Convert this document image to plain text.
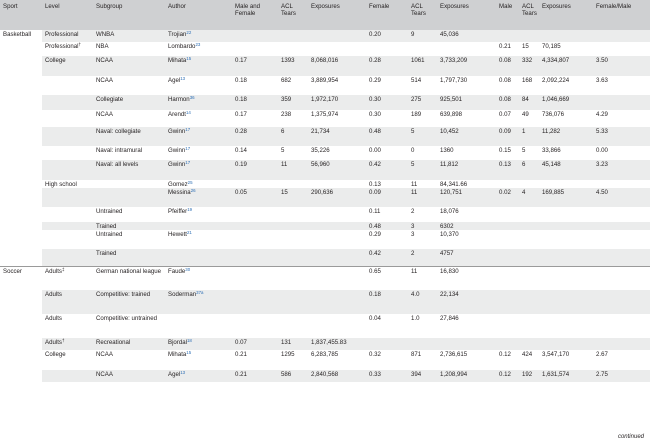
Sport	Level	Subgroup	Author	Male and Female	ACL Tears	Exposures	Female	ACL Tears	Exposures	Male	ACL Tears	Exposures	Female/Male
Basketball	Professional	WNBA	Trojian$^{22}$				0.20	9	45,036				
	Professional†	NBA	Lombardo$^{23}$							0.21	15	70,185	
	College	NCAA	Mihata$^{15}$	0.17	1393	8,068,016	0.28	1061	3,733,209	0.08	332	4,334,807	3.50
		NCAA	Agel$^{13}$	0.18	682	3,889,954	0.29	514	1,797,730	0.08	168	2,092,224	3.63
		Collegiate	Harmon$^{36}$	0.18	359	1,972,170	0.30	275	925,501	0.08	84	1,046,669	
		NCAA	Arendt$^{14}$	0.17	238	1,375,974	0.30	189	639,898	0.07	49	736,076	4.29
		Naval: collegiate	Gwinn$^{17}$	0.28	6	21,734	0.48	5	10,452	0.09	1	11,282	5.33
		Naval: intramural	Gwinn$^{17}$	0.14	5	35,226	0.00	0	1360	0.15	5	33,866	0.00
		Naval: all levels	Gwinn$^{17}$	0.19	11	56,960	0.42	5	11,812	0.13	6	45,148	3.23
	High school		Gomez$^{25}$				0.13	11	84,341.66				
			Messina$^{26}$	0.05	15	290,636	0.09	11	120,751	0.02	4	169,885	4.50
		Untrained	Pfeiffer$^{19}$				0.11	2	18,076				
		Trained					0.48	3	6302				
		Untrained	Hewett$^{21}$				0.29	3	10,370				
		Trained					0.42	2	4757				
Soccer	Adults‡	German national league	Faude$^{30}$				0.65	11	16,830				
	Adults	Competitive: trained	Soderman$^{37a}$				0.18	4.0	22,134				
	Adults	Competitive: untrained					0.04	1.0	27,846				
	Adults†	Recreational	Bjordal$^{18}$	0.07	131	1,837,455.83							
	College	NCAA	Mihata$^{15}$	0.21	1295	6,283,785	0.32	871	2,736,615	0.12	424	3,547,170	2.67
		NCAA	Agel$^{13}$	0.21	586	2,840,568	0.33	394	1,208,994	0.12	192	1,631,574	2.75
continued
